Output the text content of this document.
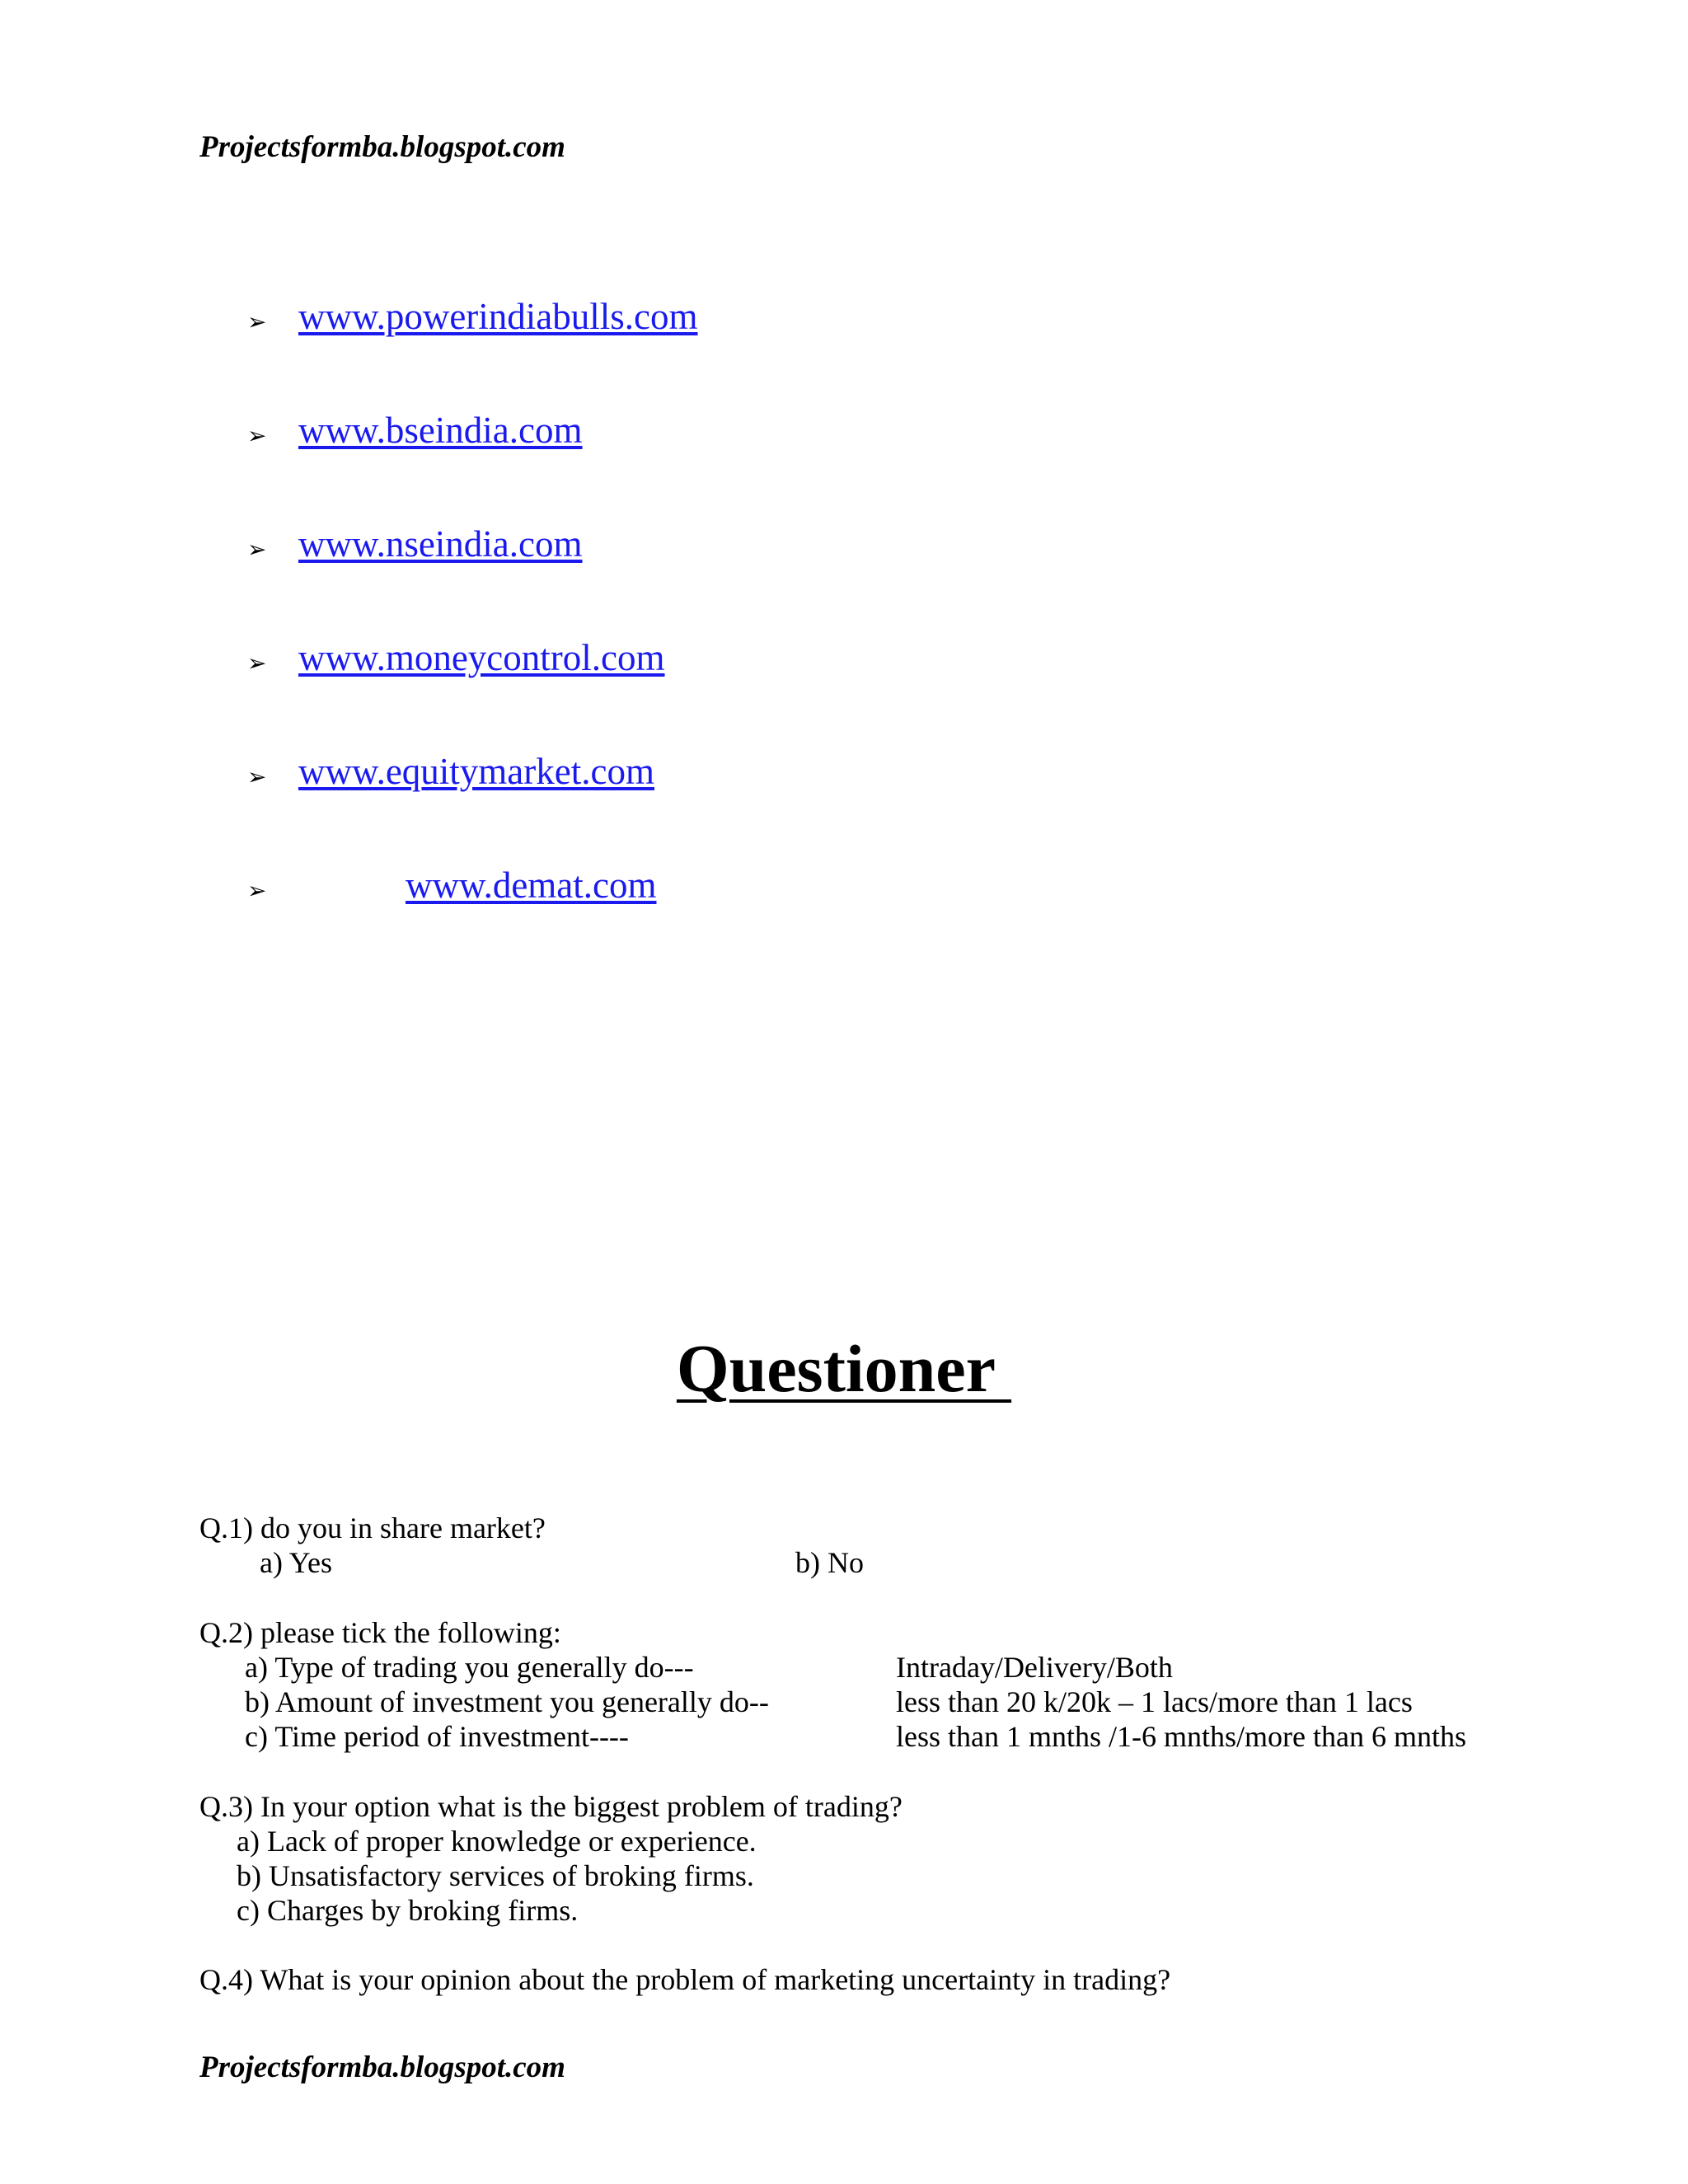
Projectsformba.blogspot.com
➢ www.powerindiabulls.com
➢ www.bseindia.com
➢ www.nseindia.com
➢ www.moneycontrol.com
➢ www.equitymarket.com
➢	www.demat.com
Questioner
Q.1) do you in share market?
a) Yes	b) No
Q.2) please tick the following:
a) Type of trading you generally do---	Intraday/Delivery/Both
b) Amount of investment you generally do--	less than 20 k/20k – 1 lacs/more than 1 lacs
c) Time period of investment----	less than 1 mnths /1-6 mnths/more than 6 mnths
Q.3) In your option what is the biggest problem of trading?
a) Lack of proper knowledge or experience.
b) Unsatisfactory services of broking firms.
c) Charges by broking firms.
Q.4) What is your opinion about the problem of marketing uncertainty in trading?
Projectsformba.blogspot.com
